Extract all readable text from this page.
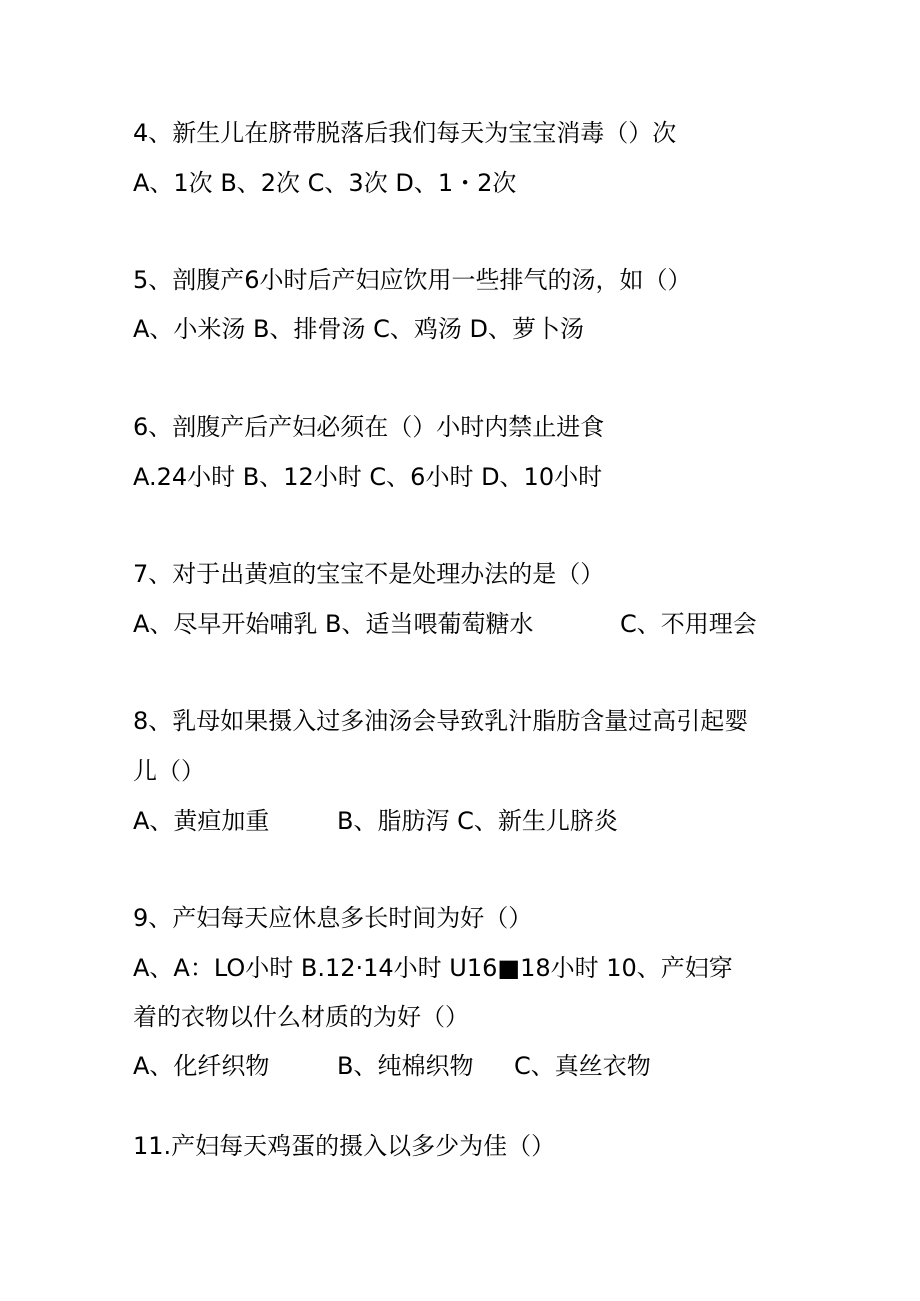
4、新生儿在脐带脱落后我们每天为宝宝消毒（）次
A、1次 B、2次 C、3次 D、1・2次
5、剖腹产6小时后产妇应饮用一些排气的汤，如（）
A、小米汤 B、排骨汤 C、鸡汤 D、萝卜汤
6、剖腹产后产妇必须在（）小时内禁止进食
A.24小时 B、12小时 C、6小时 D、10小时
7、对于出黄疸的宝宝不是处理办法的是（）
A、尽早开始哺乳 B、适当喂葡萄糖水	C、不用理会
8、乳母如果摄入过多油汤会导致乳汁脂肪含量过高引起婴
儿（）
A、黄疸加重	B、脂肪泻 C、新生儿脐炎
9、产妇每天应休息多长时间为好（）
A、A：LO小时 B.12·14小时 U16■18小时 10、产妇穿
着的衣物以什么材质的为好（）
A、化纤织物	B、纯棉织物 C、真丝衣物
11.产妇每天鸡蛋的摄入以多少为佳（）
